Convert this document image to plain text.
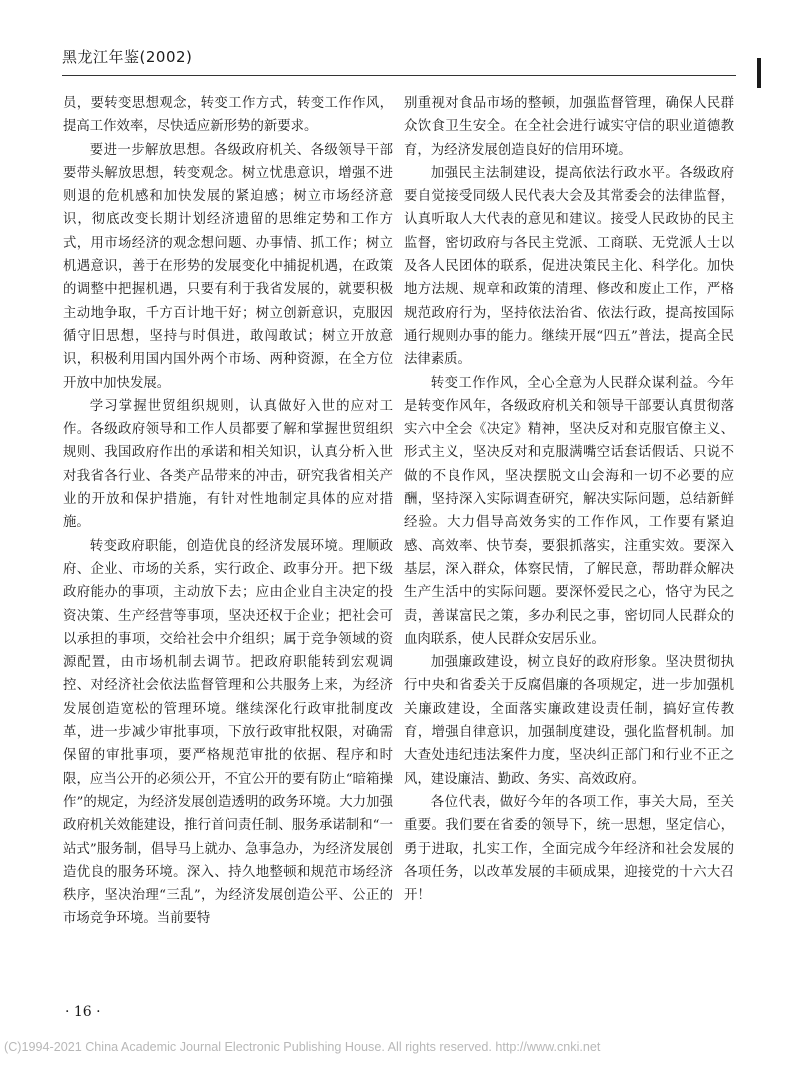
黑龙江年鉴(2002)

员，要转变思想观念，转变工作方式，转变工作作风，提高工作效率，尽快适应新形势的新要求。

要进一步解放思想。各级政府机关、各级领导干部要带头解放思想，转变观念。树立忧患意识，增强不进则退的危机感和加快发展的紧迫感；树立市场经济意识，彻底改变长期计划经济遗留的思维定势和工作方式，用市场经济的观念想问题、办事情、抓工作；树立机遇意识，善于在形势的发展变化中捕捉机遇，在政策的调整中把握机遇，只要有利于我省发展的，就要积极主动地争取，千方百计地干好；树立创新意识，克服因循守旧思想，坚持与时俱进，敢闯敢试；树立开放意识，积极利用国内国外两个市场、两种资源，在全方位开放中加快发展。

学习掌握世贸组织规则，认真做好入世的应对工作。各级政府领导和工作人员都要了解和掌握世贸组织规则、我国政府作出的承诺和相关知识，认真分析入世对我省各行业、各类产品带来的冲击，研究我省相关产业的开放和保护措施，有针对性地制定具体的应对措施。

转变政府职能，创造优良的经济发展环境。理顺政府、企业、市场的关系，实行政企、政事分开。把下级政府能办的事项，主动放下去；应由企业自主决定的投资决策、生产经营等事项，坚决还权于企业；把社会可以承担的事项，交给社会中介组织；属于竞争领域的资源配置，由市场机制去调节。把政府职能转到宏观调控、对经济社会依法监督管理和公共服务上来，为经济发展创造宽松的管理环境。继续深化行政审批制度改革，进一步减少审批事项，下放行政审批权限，对确需保留的审批事项，要严格规范审批的依据、程序和时限，应当公开的必须公开，不宜公开的要有防止“暗箱操作”的规定，为经济发展创造透明的政务环境。大力加强政府机关效能建设，推行首问责任制、服务承诺制和“一站式”服务制，倡导马上就办、急事急办，为经济发展创造优良的服务环境。深入、持久地整顿和规范市场经济秩序，坚决治理“三乱”，为经济发展创造公平、公正的市场竞争环境。当前要特

别重视对食品市场的整顿，加强监督管理，确保人民群众饮食卫生安全。在全社会进行诚实守信的职业道德教育，为经济发展创造良好的信用环境。

加强民主法制建设，提高依法行政水平。各级政府要自觉接受同级人民代表大会及其常委会的法律监督，认真听取人大代表的意见和建议。接受人民政协的民主监督，密切政府与各民主党派、工商联、无党派人士以及各人民团体的联系，促进决策民主化、科学化。加快地方法规、规章和政策的清理、修改和废止工作，严格规范政府行为，坚持依法治省、依法行政，提高按国际通行规则办事的能力。继续开展“四五”普法，提高全民法律素质。

转变工作作风，全心全意为人民群众谋利益。今年是转变作风年，各级政府机关和领导干部要认真贯彻落实六中全会《决定》精神，坚决反对和克服官僚主义、形式主义，坚决反对和克服满嘴空话套话假话、只说不做的不良作风，坚决摆脱文山会海和一切不必要的应酬，坚持深入实际调查研究，解决实际问题，总结新鲜经验。大力倡导高效务实的工作作风，工作要有紧迫感、高效率、快节奏，要狠抓落实，注重实效。要深入基层，深入群众，体察民情，了解民意，帮助群众解决生产生活中的实际问题。要深怀爱民之心，恪守为民之责，善谋富民之策，多办利民之事，密切同人民群众的血肉联系，使人民群众安居乐业。

加强廉政建设，树立良好的政府形象。坚决贯彻执行中央和省委关于反腐倡廉的各项规定，进一步加强机关廉政建设，全面落实廉政建设责任制，搞好宣传教育，增强自律意识，加强制度建设，强化监督机制。加大查处违纪违法案件力度，坚决纠正部门和行业不正之风，建设廉洁、勤政、务实、高效政府。

各位代表，做好今年的各项工作，事关大局，至关重要。我们要在省委的领导下，统一思想，坚定信心，勇于进取，扎实工作，全面完成今年经济和社会发展的各项任务，以改革发展的丰硕成果，迎接党的十六大召开！

· 16 ·
(C)1994-2021 China Academic Journal Electronic Publishing House. All rights reserved. http://www.cnki.net
